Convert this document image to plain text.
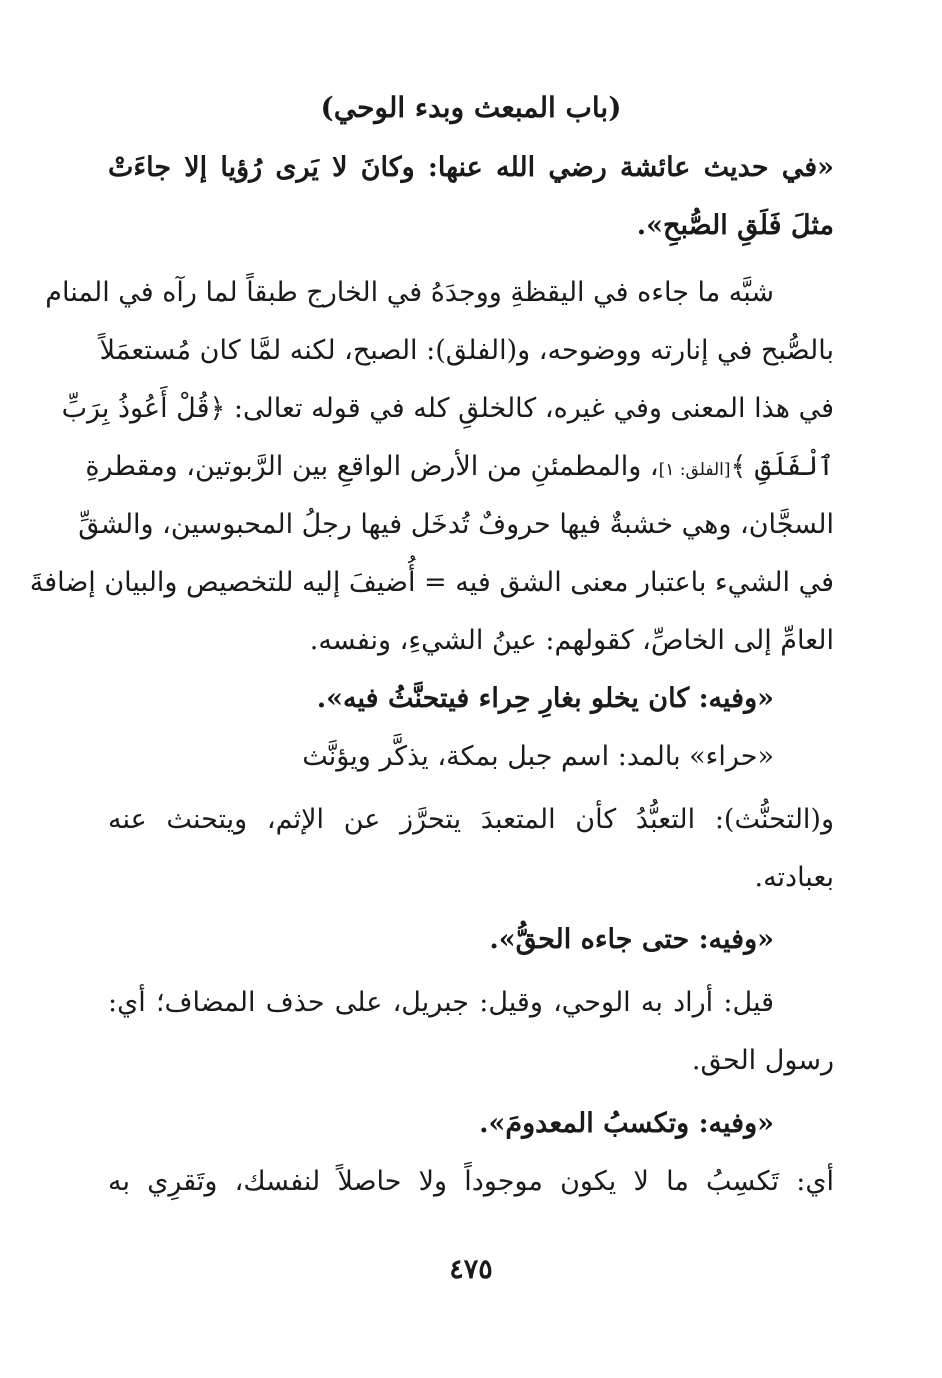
(باب المبعث وبدء الوحي)
«في حديث عائشة رضي الله عنها: وكانَ لا يَرى رُؤيا إلا جاءَتْ
مثلَ فَلَقِ الصُّبحِ».
شبَّه ما جاءه في اليقظةِ ووجدَهُ في الخارج طبقاً لما رآه في المنام
بالصُّبح في إنارته ووضوحه، و(الفلق): الصبح، لكنه لمَّا كان مُستعمَلاً
في هذا المعنى وفي غيره، كالخلقِ كله في قوله تعالى: ﴿قُلْ أَعُوذُ بِرَبِّ
ٱلْفَلَقِ ﴾[الفلق: ١]، والمطمئنِ من الأرض الواقعِ بين الرَّبوتين، ومقطرةِ
السجَّان، وهي خشبةٌ فيها حروفٌ تُدخَل فيها رجلُ المحبوسين، والشقِّ
في الشيء باعتبار معنى الشق فيه = أُضيفَ إليه للتخصيص والبيان إضافةَ
العامِّ إلى الخاصِّ، كقولهم: عينُ الشيءِ، ونفسه.
«وفيه: كان يخلو بغارِ حِراء فيتحنَّثُ فيه».
«حراء» بالمد: اسم جبل بمكة، يذكَّر ويؤنَّث
و(التحنُّث): التعبُّدُ كأن المتعبدَ يتحرَّز عن الإثم، ويتحنث عنه
بعبادته.
«وفيه: حتى جاءه الحقُّ».
قيل: أراد به الوحي، وقيل: جبريل، على حذف المضاف؛ أي:
رسول الحق.
«وفيه: وتكسبُ المعدومَ».
أي: تَكسِبُ ما لا يكون موجوداً ولا حاصلاً لنفسك، وتَقرِي به
٤٧٥
